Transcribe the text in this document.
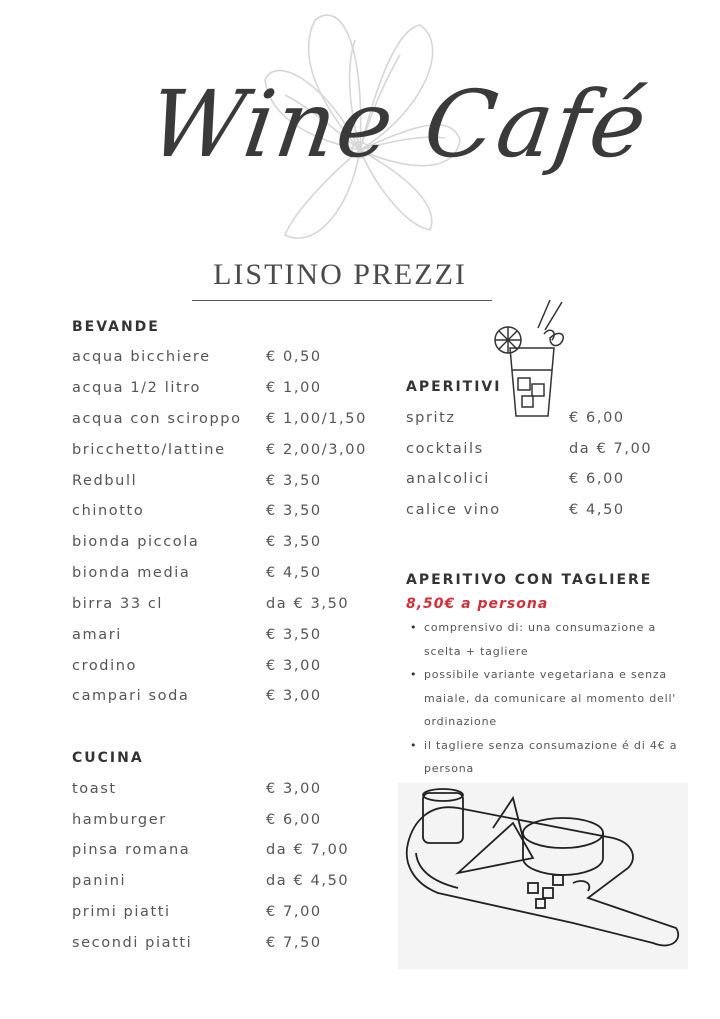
Wine Café
LISTINO PREZZI
BEVANDE
acqua bicchiere	€ 0,50
acqua 1/2 litro	€ 1,00
acqua con sciroppo € 1,00/1,50
bricchetto/lattine	€ 2,00/3,00
Redbull	€ 3,50
chinotto	€ 3,50
bionda piccola	€ 3,50
bionda media	€ 4,50
birra 33 cl	da € 3,50
amari	€ 3,50
crodino	€ 3,00
campari soda	€ 3,00
CUCINA
toast	€ 3,00
hamburger	€ 6,00
pinsa romana	da € 7,00
panini	da € 4,50
primi piatti	€ 7,00
secondi piatti	€ 7,50
APERITIVI
spritz	€ 6,00
cocktails	da € 7,00
analcolici	€ 6,00
calice vino	€ 4,50
APERITIVO CON TAGLIERE
8,50€ a persona
• comprensivo di: una consumazione a scelta + tagliere
• possibile variante vegetariana e senza maiale, da comunicare al momento dell' ordinazione
• il tagliere senza consumazione é di 4€ a persona
